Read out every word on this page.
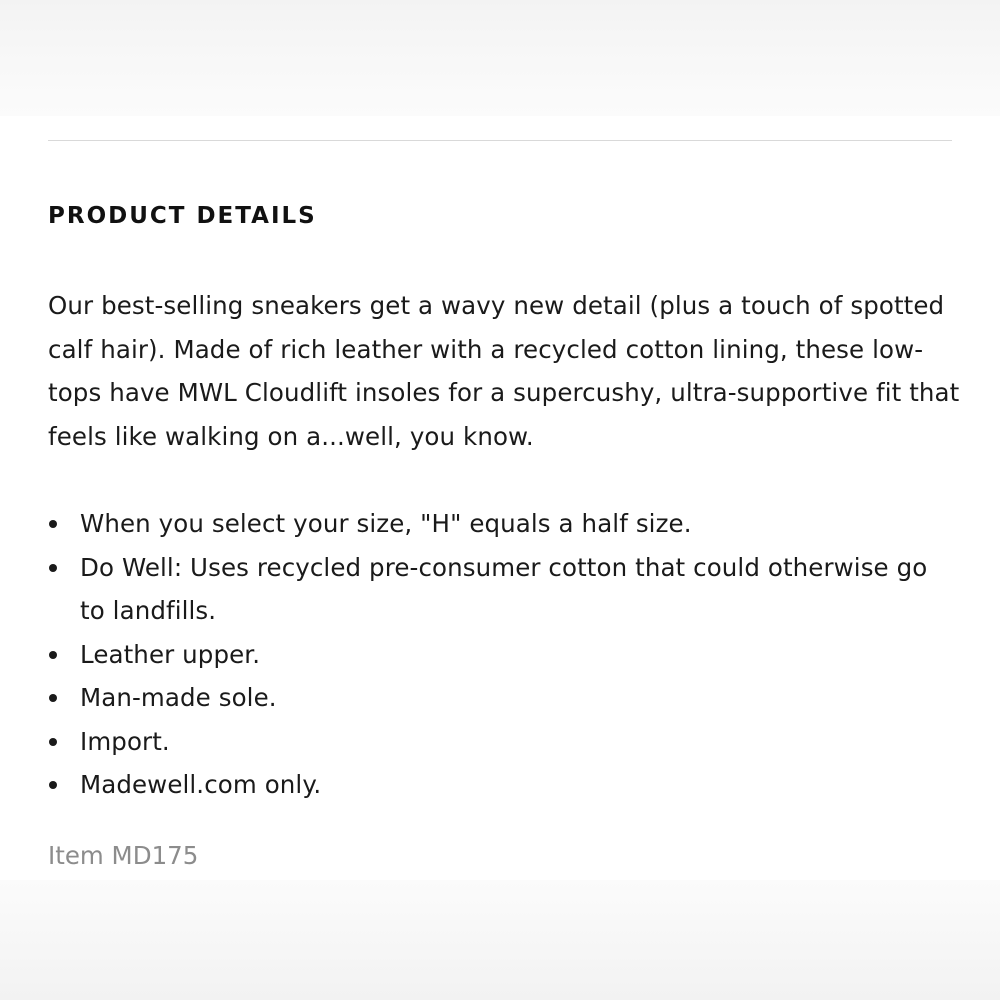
PRODUCT DETAILS

Our best-selling sneakers get a wavy new detail (plus a touch of spotted calf hair). Made of rich leather with a recycled cotton lining, these low-tops have MWL Cloudlift insoles for a supercushy, ultra-supportive fit that feels like walking on a...well, you know.

When you select your size, "H" equals a half size.
Do Well: Uses recycled pre-consumer cotton that could otherwise go to landfills.
Leather upper.
Man-made sole.
Import.
Madewell.com only.

Item MD175
